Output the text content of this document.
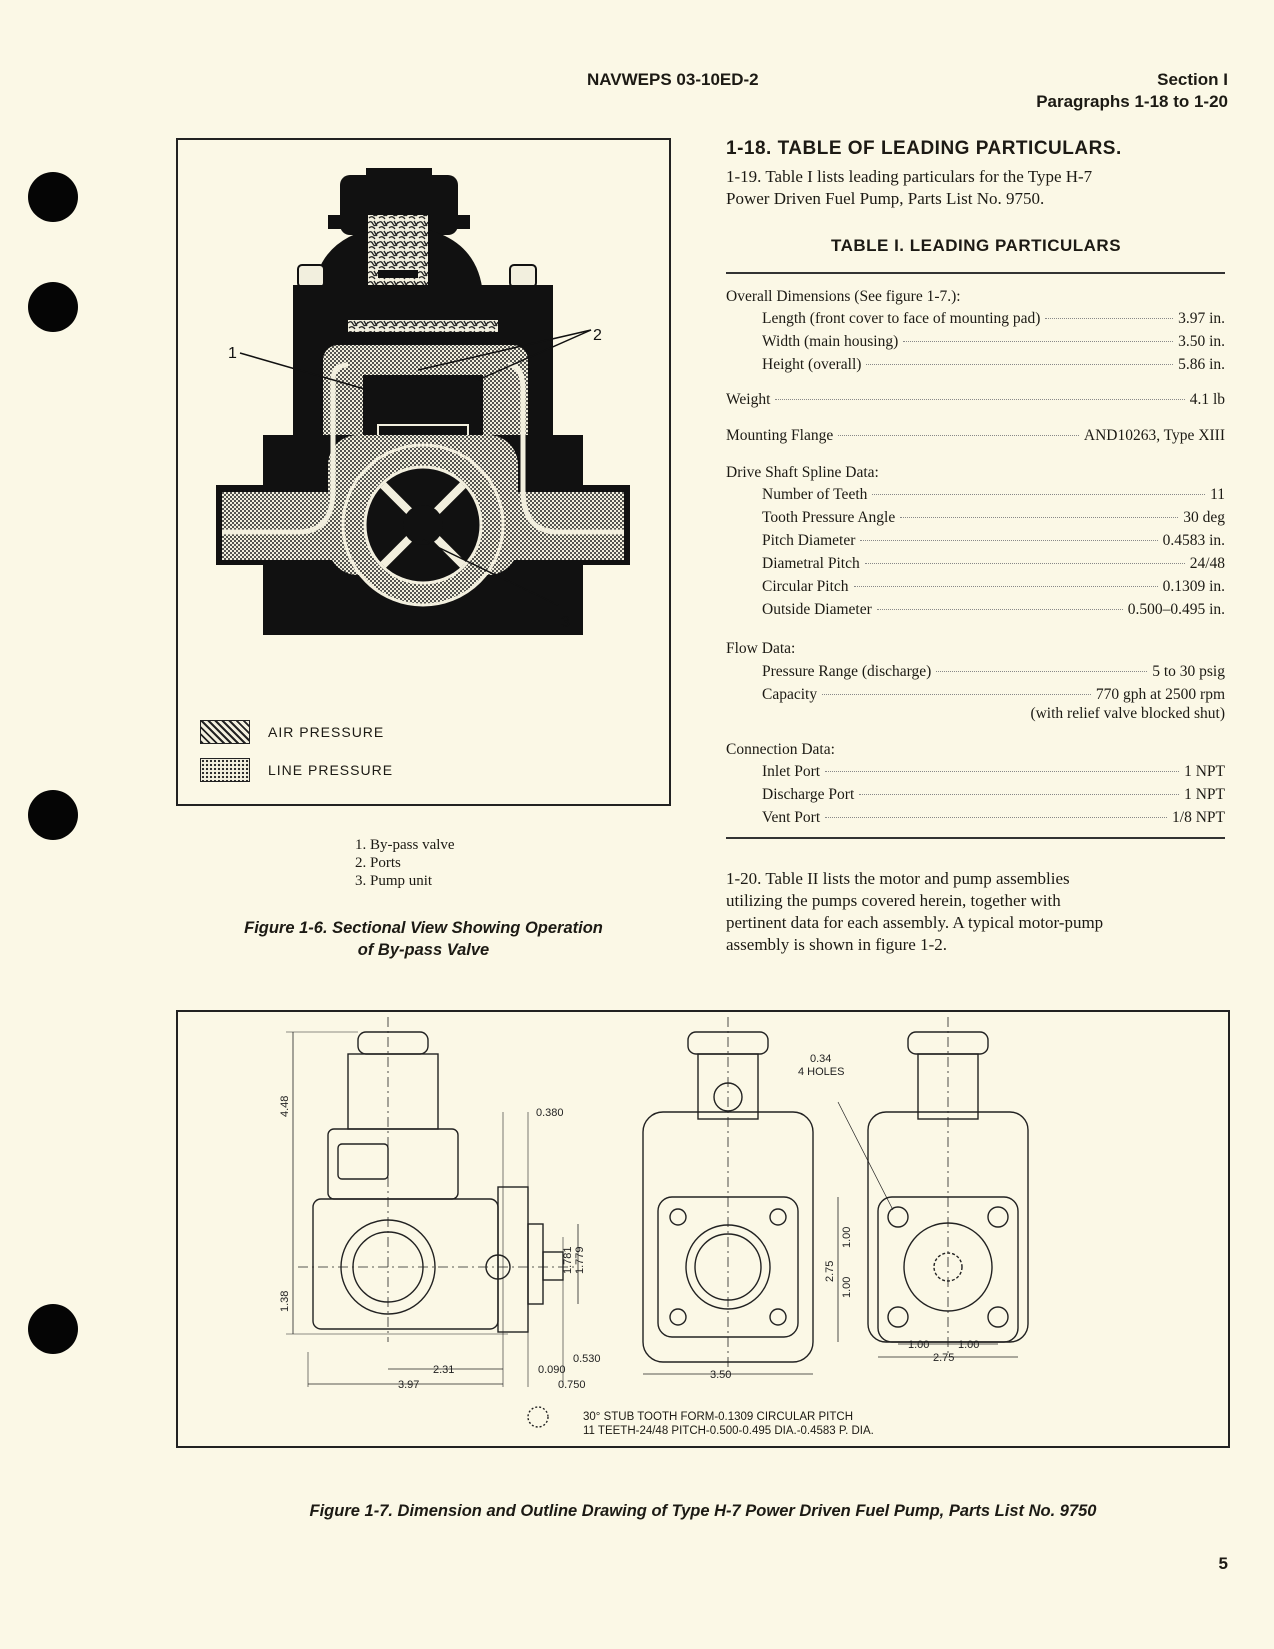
NAVWEPS 03-10ED-2	Section I
Paragraphs 1-18 to 1-20
1
2
3
AIR PRESSURE
LINE PRESSURE
1. By-pass valve
2. Ports
3. Pump unit
Figure 1-6. Sectional View Showing Operation
of By-pass Valve
1-18. TABLE OF LEADING PARTICULARS.
1-19. Table I lists leading particulars for the Type H-7
Power Driven Fuel Pump, Parts List No. 9750.
TABLE I. LEADING PARTICULARS
Overall Dimensions (See figure 1-7.):
Length (front cover to face of mounting pad)	3.97 in.
Width (main housing)	3.50 in.
Height (overall)	5.86 in.
Weight	4.1 lb
Mounting Flange	AND10263, Type XIII
Drive Shaft Spline Data:
Number of Teeth	11
Tooth Pressure Angle	30 deg
Pitch Diameter	0.4583 in.
Diametral Pitch	24/48
Circular Pitch	0.1309 in.
Outside Diameter	0.500–0.495 in.
Flow Data:
Pressure Range (discharge)	5 to 30 psig
Capacity	770 gph at 2500 rpm
(with relief valve blocked shut)
Connection Data:
Inlet Port	1 NPT
Discharge Port	1 NPT
Vent Port	1/8 NPT
1-20. Table II lists the motor and pump assemblies
utilizing the pumps covered herein, together with
pertinent data for each assembly. A typical motor-pump
assembly is shown in figure 1-2.
4.48
1.38
2.31
3.97
0.380
1.781 1.779
0.530
0.090
0.750
3.50
0.34
4 HOLES
2.75
1.00
1.00
1.00	1.00
2.75
30° STUB TOOTH FORM-0.1309 CIRCULAR PITCH
11 TEETH-24/48 PITCH-0.500-0.495 DIA.-0.4583 P. DIA.
Figure 1-7. Dimension and Outline Drawing of Type H-7 Power Driven Fuel Pump, Parts List No. 9750
5
